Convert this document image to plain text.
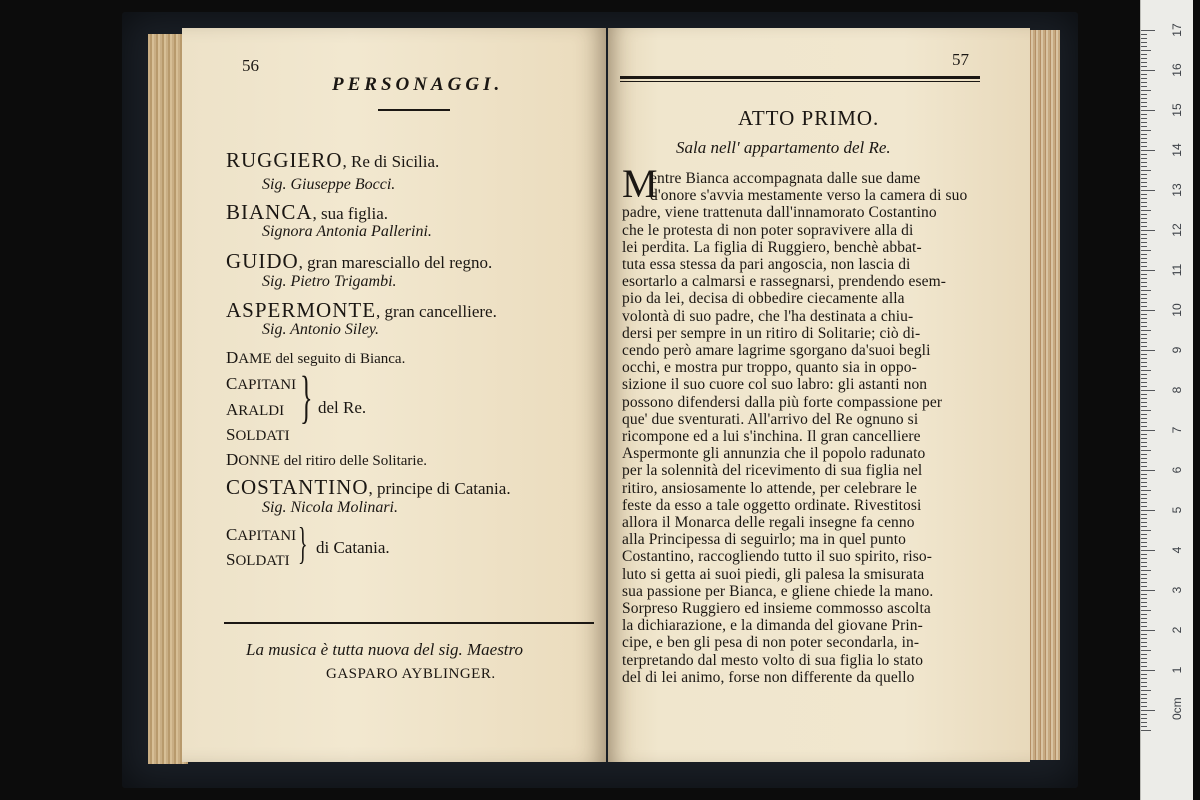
56
PERSONAGGI.
RUGGIERO, Re di Sicilia.
Sig. Giuseppe Bocci.
BIANCA, sua figlia.
Signora Antonia Pallerini.
GUIDO, gran maresciallo del regno.
Sig. Pietro Trigambi.
ASPERMONTE, gran cancelliere.
Sig. Antonio Siley.
DAME del seguito di Bianca.
CAPITANI
ARALDI
SOLDATI
} del Re.
DONNE del ritiro delle Solitarie.
COSTANTINO, principe di Catania.
Sig. Nicola Molinari.
CAPITANI
SOLDATI } di Catania.
La musica è tutta nuova del sig. Maestro
GASPARO AYBLINGER.
57
ATTO PRIMO.
Sala nell' appartamento del Re.
M
entre Bianca accompagnata dalle sue dame
d'onore s'avvia mestamente verso la camera di suo
padre, viene trattenuta dall'innamorato Costantino
che le protesta di non poter sopravivere alla di
lei perdita. La figlia di Ruggiero, benchè abbat-
tuta essa stessa da pari angoscia, non lascia di
esortarlo a calmarsi e rassegnarsi, prendendo esem-
pio da lei, decisa di obbedire ciecamente alla
volontà di suo padre, che l'ha destinata a chiu-
dersi per sempre in un ritiro di Solitarie; ciò di-
cendo però amare lagrime sgorgano da'suoi begli
occhi, e mostra pur troppo, quanto sia in oppo-
sizione il suo cuore col suo labro: gli astanti non
possono difendersi dalla più forte compassione per
que' due sventurati. All'arrivo del Re ognuno si
ricompone ed a lui s'inchina. Il gran cancelliere
Aspermonte gli annunzia che il popolo radunato
per la solennità del ricevimento di sua figlia nel
ritiro, ansiosamente lo attende, per celebrare le
feste da esso a tale oggetto ordinate. Rivestitosi
allora il Monarca delle regali insegne fa cenno
alla Principessa di seguirlo; ma in quel punto
Costantino, raccogliendo tutto il suo spirito, riso-
luto si getta ai suoi piedi, gli palesa la smisurata
sua passione per Bianca, e gliene chiede la mano.
Sorpreso Ruggiero ed insieme commosso ascolta
la dichiarazione, e la dimanda del giovane Prin-
cipe, e ben gli pesa di non poter secondarla, in-
terpretando dal mesto volto di sua figlia lo stato
del di lei animo, forse non differente da quello
17
16
15
14
13
12
11
10
9
8
7
6
5
4
3
2
1
0cm
